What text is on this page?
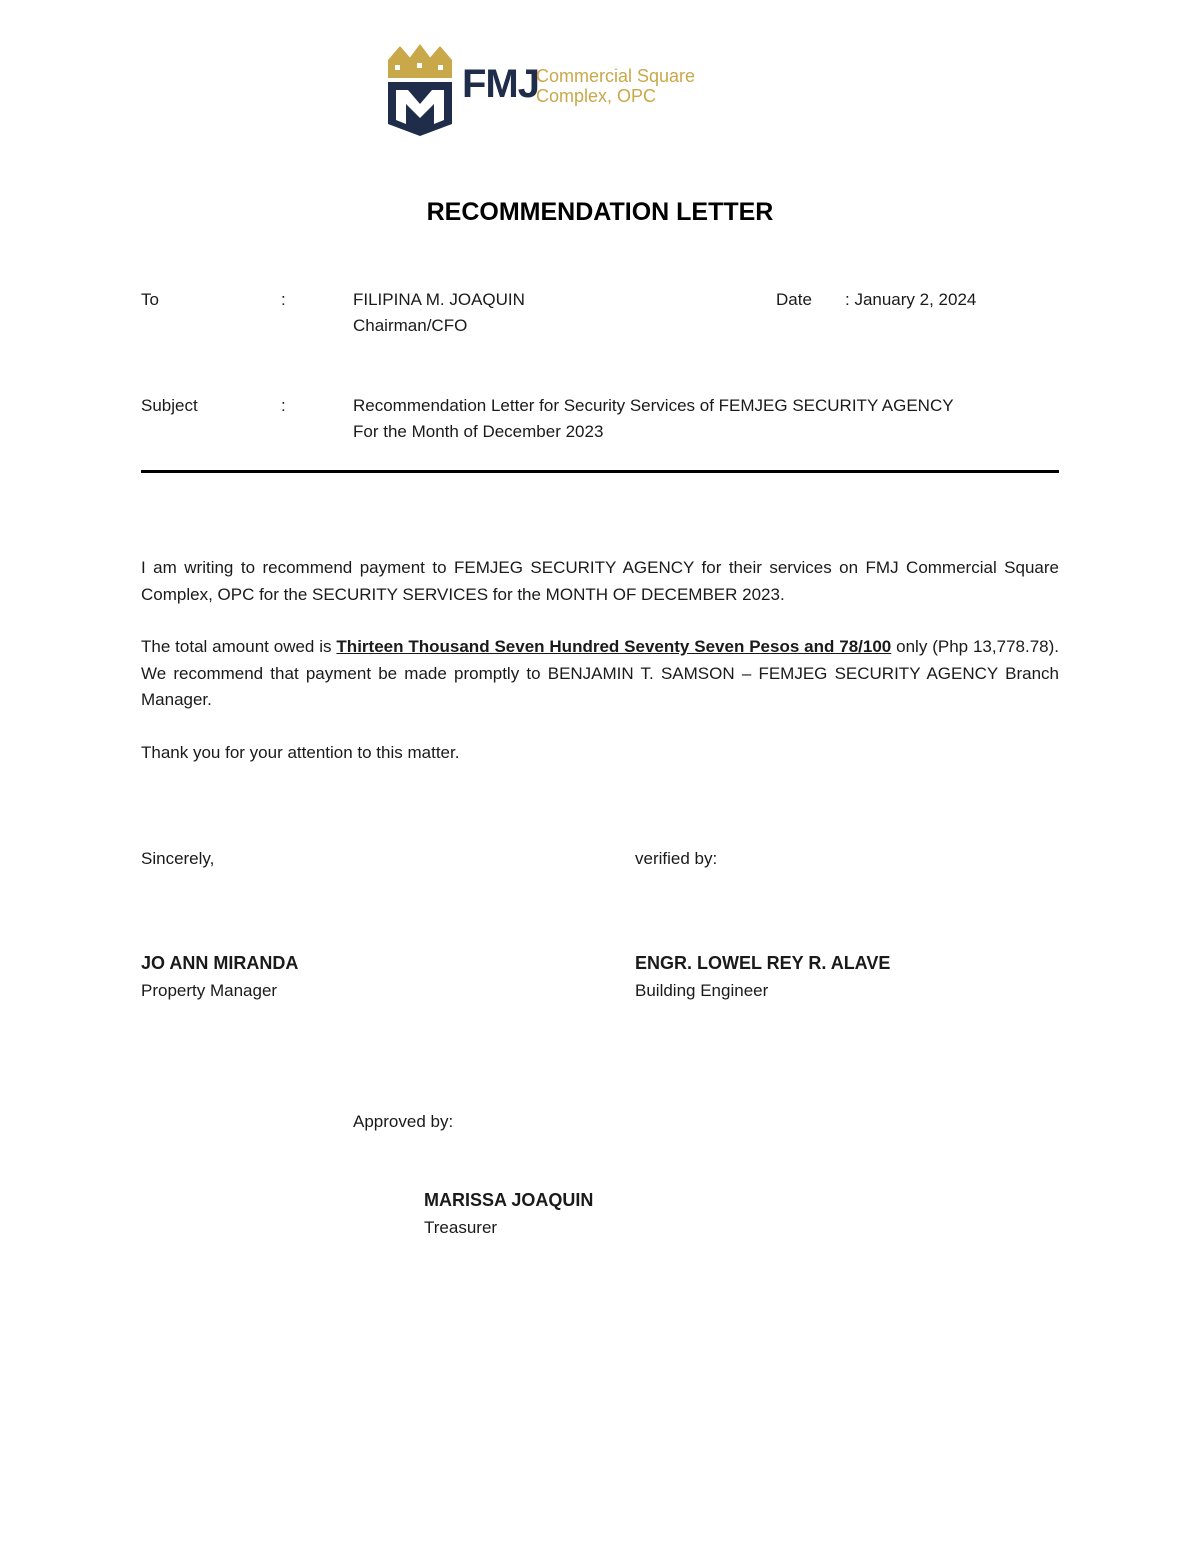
FMJ
Commercial Square
Complex, OPC
RECOMMENDATION LETTER
To	:	FILIPINA M. JOAQUIN
Chairman/CFO
Date : January 2, 2024
Subject	:	Recommendation Letter for Security Services of FEMJEG SECURITY AGENCY
For the Month of December 2023
I am writing to recommend payment to FEMJEG SECURITY AGENCY for their services on FMJ Commercial Square Complex, OPC for the SECURITY SERVICES for the MONTH OF DECEMBER 2023.
The total amount owed is Thirteen Thousand Seven Hundred Seventy Seven Pesos and 78/100 only (Php 13,778.78). We recommend that payment be made promptly to BENJAMIN T. SAMSON – FEMJEG SECURITY AGENCY Branch Manager.
Thank you for your attention to this matter.
Sincerely,	verified by:
JO ANN MIRANDA
Property Manager
ENGR. LOWEL REY R. ALAVE
Building Engineer
Approved by:
MARISSA JOAQUIN
Treasurer
